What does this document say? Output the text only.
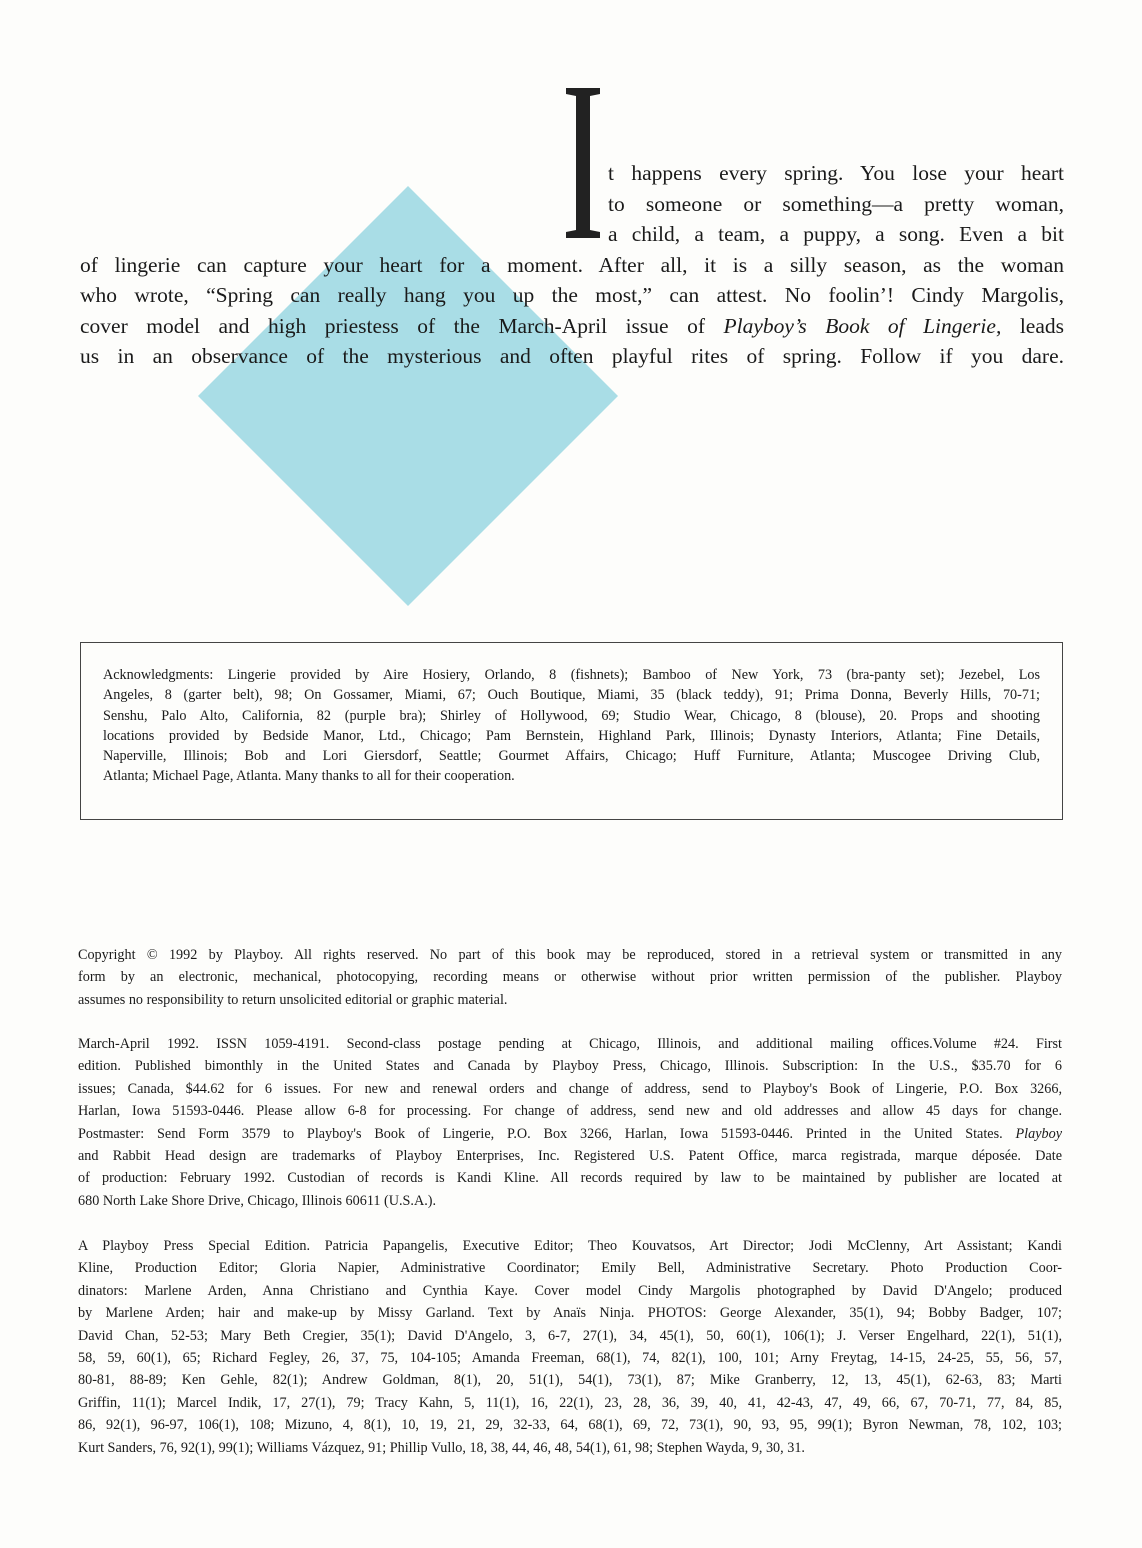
t happens every spring. You lose your heart
to someone or something—a pretty woman,
a child, a team, a puppy, a song. Even a bit
of lingerie can capture your heart for a moment. After all, it is a silly season, as the woman
who wrote, “Spring can really hang you up the most,” can attest. No foolin’! Cindy Margolis,
cover model and high priestess of the March-April issue of Playboy’s Book of Lingerie, leads
us in an observance of the mysterious and often playful rites of spring. Follow if you dare.
Acknowledgments: Lingerie provided by Aire Hosiery, Orlando, 8 (fishnets); Bamboo of New York, 73 (bra-panty set); Jezebel, Los
Angeles, 8 (garter belt), 98; On Gossamer, Miami, 67; Ouch Boutique, Miami, 35 (black teddy), 91; Prima Donna, Beverly Hills, 70-71;
Senshu, Palo Alto, California, 82 (purple bra); Shirley of Hollywood, 69; Studio Wear, Chicago, 8 (blouse), 20. Props and shooting
locations provided by Bedside Manor, Ltd., Chicago; Pam Bernstein, Highland Park, Illinois; Dynasty Interiors, Atlanta; Fine Details,
Naperville, Illinois; Bob and Lori Giersdorf, Seattle; Gourmet Affairs, Chicago; Huff Furniture, Atlanta; Muscogee Driving Club,
Atlanta; Michael Page, Atlanta. Many thanks to all for their cooperation.
Copyright © 1992 by Playboy. All rights reserved. No part of this book may be reproduced, stored in a retrieval system or transmitted in any
form by an electronic, mechanical, photocopying, recording means or otherwise without prior written permission of the publisher. Playboy
assumes no responsibility to return unsolicited editorial or graphic material.
March-April 1992. ISSN 1059-4191. Second-class postage pending at Chicago, Illinois, and additional mailing offices.Volume #24. First
edition. Published bimonthly in the United States and Canada by Playboy Press, Chicago, Illinois. Subscription: In the U.S., $35.70 for 6
issues; Canada, $44.62 for 6 issues. For new and renewal orders and change of address, send to Playboy's Book of Lingerie, P.O. Box 3266,
Harlan, Iowa 51593-0446. Please allow 6-8 for processing. For change of address, send new and old addresses and allow 45 days for change.
Postmaster: Send Form 3579 to Playboy's Book of Lingerie, P.O. Box 3266, Harlan, Iowa 51593-0446. Printed in the United States. Playboy
and Rabbit Head design are trademarks of Playboy Enterprises, Inc. Registered U.S. Patent Office, marca registrada, marque déposée. Date
of production: February 1992. Custodian of records is Kandi Kline. All records required by law to be maintained by publisher are located at
680 North Lake Shore Drive, Chicago, Illinois 60611 (U.S.A.).
A Playboy Press Special Edition. Patricia Papangelis, Executive Editor; Theo Kouvatsos, Art Director; Jodi McClenny, Art Assistant; Kandi
Kline, Production Editor; Gloria Napier, Administrative Coordinator; Emily Bell, Administrative Secretary. Photo Production Coor-
dinators: Marlene Arden, Anna Christiano and Cynthia Kaye. Cover model Cindy Margolis photographed by David D'Angelo; produced
by Marlene Arden; hair and make-up by Missy Garland. Text by Anaïs Ninja. PHOTOS: George Alexander, 35(1), 94; Bobby Badger, 107;
David Chan, 52-53; Mary Beth Cregier, 35(1); David D'Angelo, 3, 6-7, 27(1), 34, 45(1), 50, 60(1), 106(1); J. Verser Engelhard, 22(1), 51(1),
58, 59, 60(1), 65; Richard Fegley, 26, 37, 75, 104-105; Amanda Freeman, 68(1), 74, 82(1), 100, 101; Arny Freytag, 14-15, 24-25, 55, 56, 57,
80-81, 88-89; Ken Gehle, 82(1); Andrew Goldman, 8(1), 20, 51(1), 54(1), 73(1), 87; Mike Granberry, 12, 13, 45(1), 62-63, 83; Marti
Griffin, 11(1); Marcel Indik, 17, 27(1), 79; Tracy Kahn, 5, 11(1), 16, 22(1), 23, 28, 36, 39, 40, 41, 42-43, 47, 49, 66, 67, 70-71, 77, 84, 85,
86, 92(1), 96-97, 106(1), 108; Mizuno, 4, 8(1), 10, 19, 21, 29, 32-33, 64, 68(1), 69, 72, 73(1), 90, 93, 95, 99(1); Byron Newman, 78, 102, 103;
Kurt Sanders, 76, 92(1), 99(1); Williams Vázquez, 91; Phillip Vullo, 18, 38, 44, 46, 48, 54(1), 61, 98; Stephen Wayda, 9, 30, 31.
